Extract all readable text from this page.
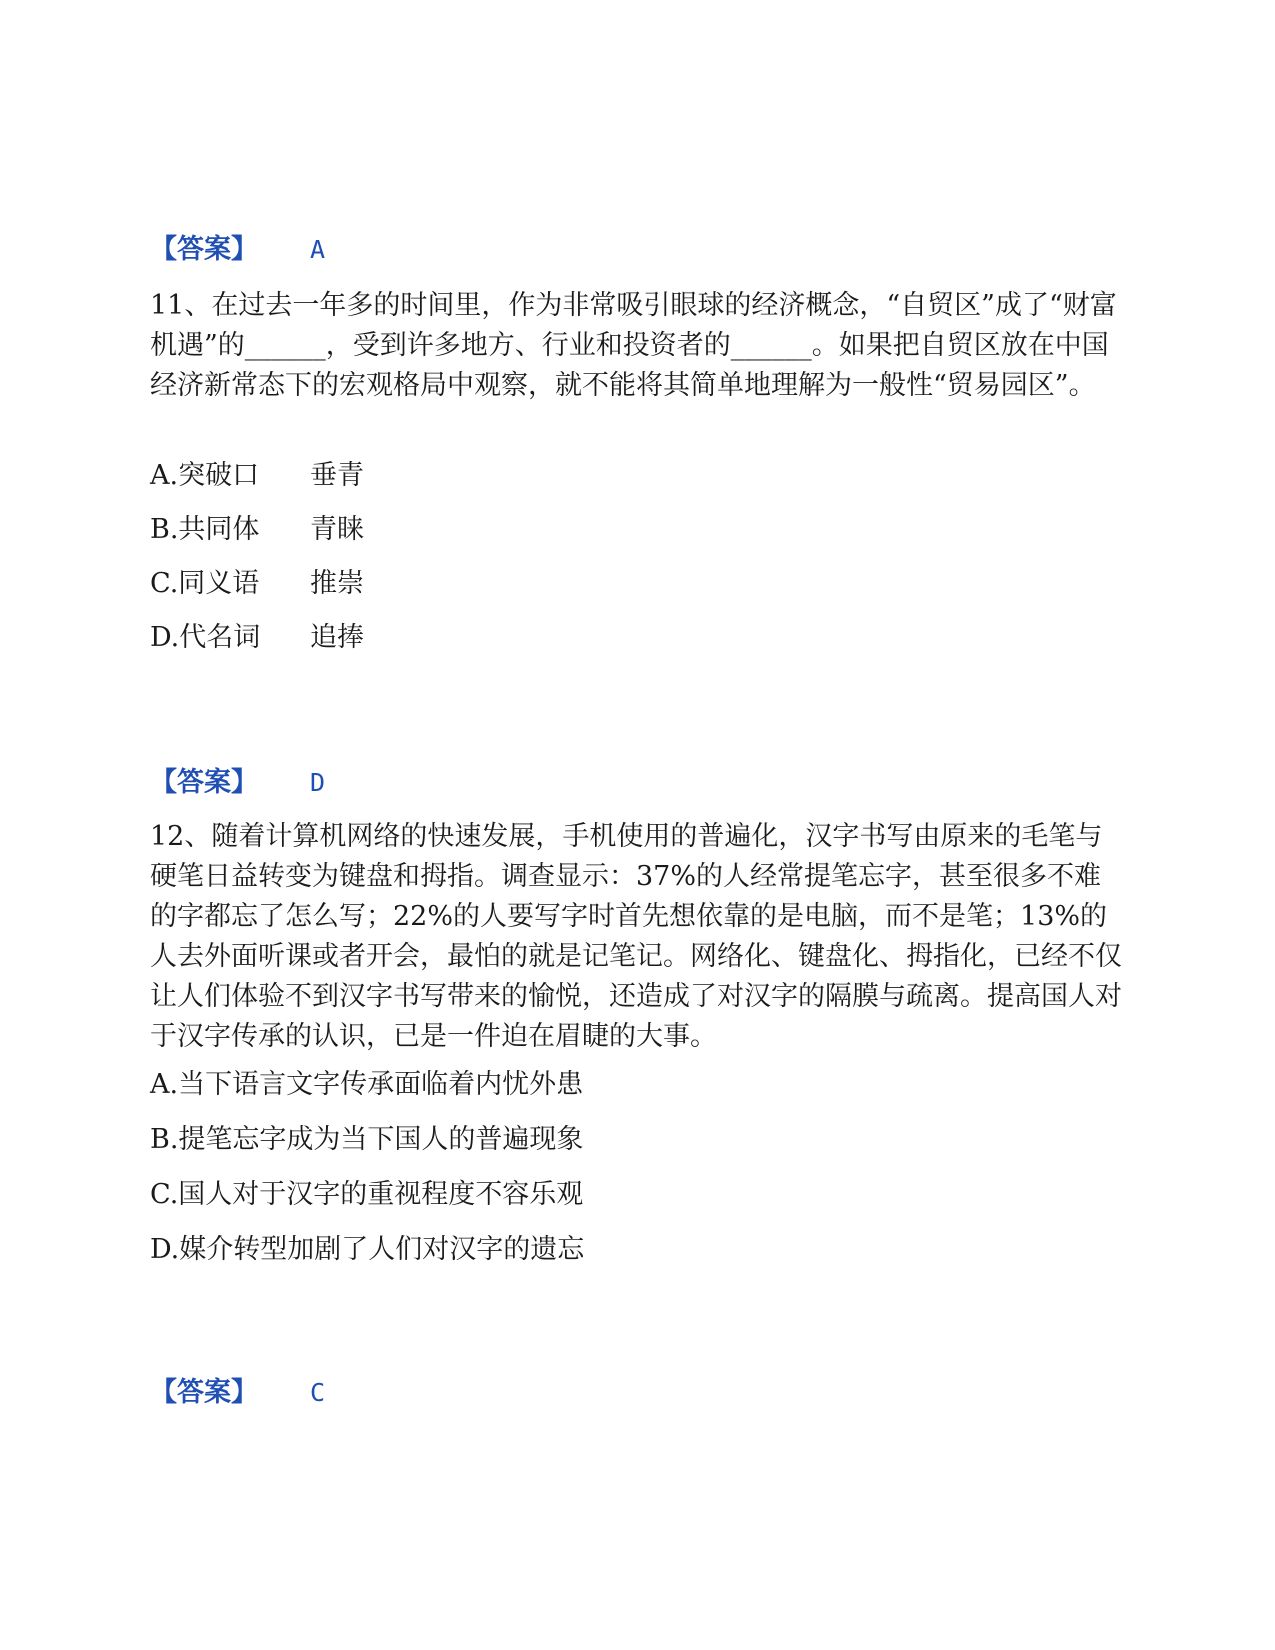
【答案】 A

11、在过去一年多的时间里，作为非常吸引眼球的经济概念，“自贸区”成了“财富机遇”的______，受到许多地方、行业和投资者的______。如果把自贸区放在中国经济新常态下的宏观格局中观察，就不能将其简单地理解为一般性“贸易园区”。

A.突破口 垂青
B.共同体 青睐
C.同义语 推崇
D.代名词 追捧
【答案】 D

12、随着计算机网络的快速发展，手机使用的普遍化，汉字书写由原来的毛笔与硬笔日益转变为键盘和拇指。调查显示：37%的人经常提笔忘字，甚至很多不难的字都忘了怎么写；22%的人要写字时首先想依靠的是电脑，而不是笔；13%的人去外面听课或者开会，最怕的就是记笔记。网络化、键盘化、拇指化，已经不仅让人们体验不到汉字书写带来的愉悦，还造成了对汉字的隔膜与疏离。提高国人对于汉字传承的认识，已是一件迫在眉睫的大事。

A.当下语言文字传承面临着内忧外患
B.提笔忘字成为当下国人的普遍现象
C.国人对于汉字的重视程度不容乐观
D.媒介转型加剧了人们对汉字的遗忘
【答案】 C
